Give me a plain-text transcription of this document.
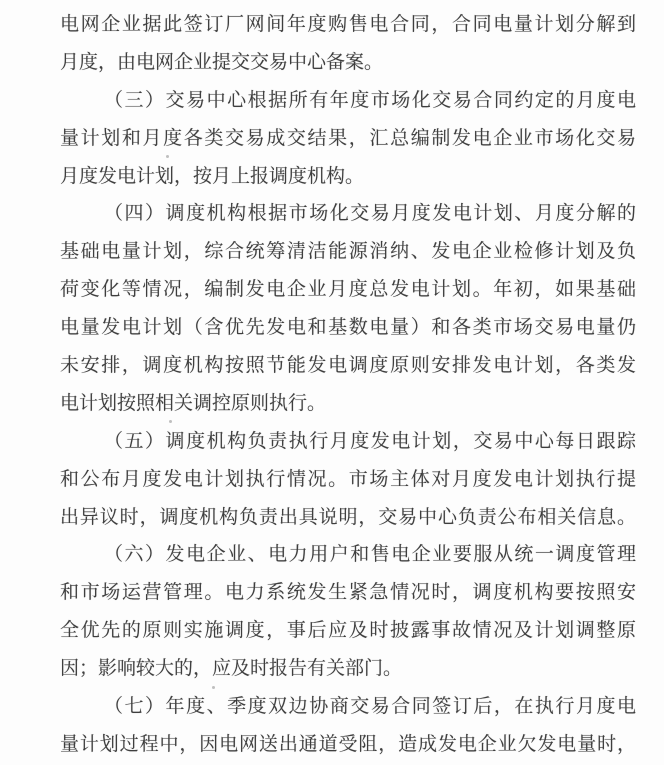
电网企业据此签订厂网间年度购售电合同，合同电量计划分解到
月度，由电网企业提交交易中心备案。
（三）交易中心根据所有年度市场化交易合同约定的月度电
量计划和月度各类交易成交结果，汇总编制发电企业市场化交易
月度发电计划，按月上报调度机构。
（四）调度机构根据市场化交易月度发电计划、月度分解的
基础电量计划，综合统筹清洁能源消纳、发电企业检修计划及负
荷变化等情况，编制发电企业月度总发电计划。年初，如果基础
电量发电计划（含优先发电和基数电量）和各类市场交易电量仍
未安排，调度机构按照节能发电调度原则安排发电计划，各类发
电计划按照相关调控原则执行。
（五）调度机构负责执行月度发电计划，交易中心每日跟踪
和公布月度发电计划执行情况。市场主体对月度发电计划执行提
出异议时，调度机构负责出具说明，交易中心负责公布相关信息。
（六）发电企业、电力用户和售电企业要服从统一调度管理
和市场运营管理。电力系统发生紧急情况时，调度机构要按照安
全优先的原则实施调度，事后应及时披露事故情况及计划调整原
因；影响较大的，应及时报告有关部门。
（七）年度、季度双边协商交易合同签订后，在执行月度电
量计划过程中，因电网送出通道受阻，造成发电企业欠发电量时，
